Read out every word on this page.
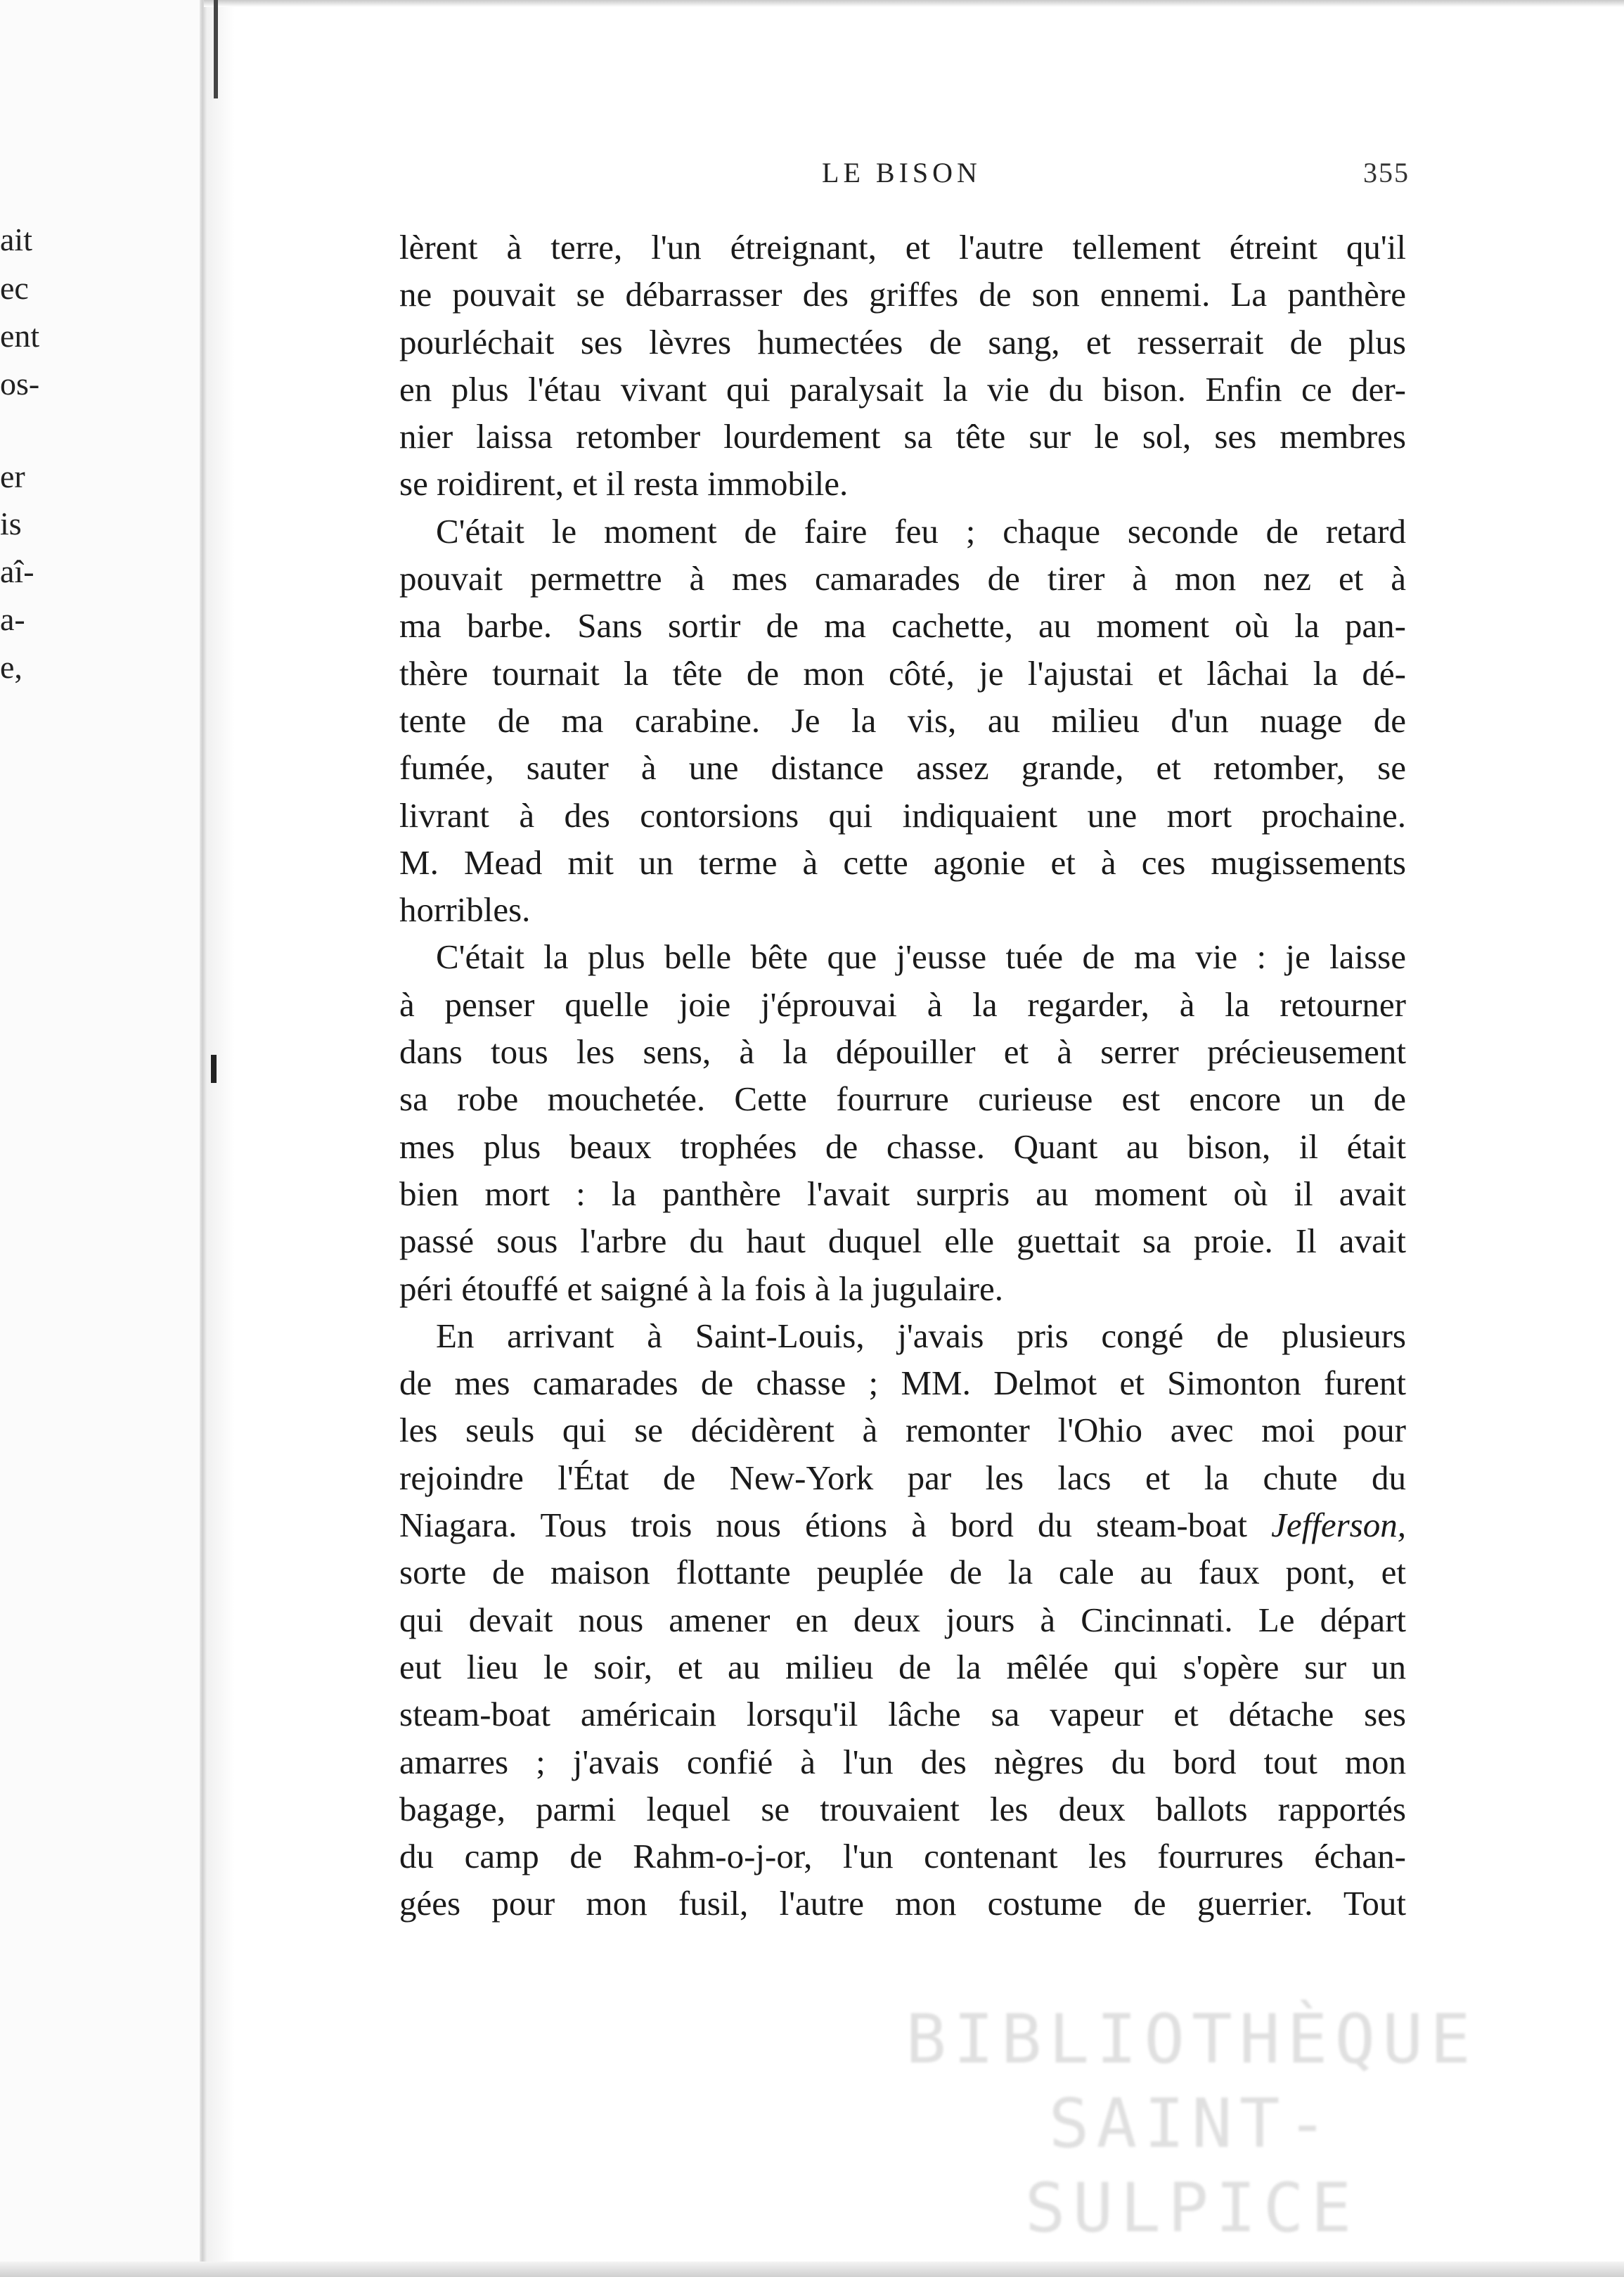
ait
ec
ent
os-
er
is
aî-
a-
e,
LE BISON	355
lèrent à terre, l'un étreignant, et l'autre tellement étreint qu'il
ne pouvait se débarrasser des griffes de son ennemi. La panthère
pourléchait ses lèvres humectées de sang, et resserrait de plus
en plus l'étau vivant qui paralysait la vie du bison. Enfin ce der-
nier laissa retomber lourdement sa tête sur le sol, ses membres
se roidirent, et il resta immobile.
C'était le moment de faire feu ; chaque seconde de retard
pouvait permettre à mes camarades de tirer à mon nez et à
ma barbe. Sans sortir de ma cachette, au moment où la pan-
thère tournait la tête de mon côté, je l'ajustai et lâchai la dé-
tente de ma carabine. Je la vis, au milieu d'un nuage de
fumée, sauter à une distance assez grande, et retomber, se
livrant à des contorsions qui indiquaient une mort prochaine.
M. Mead mit un terme à cette agonie et à ces mugissements
horribles.
C'était la plus belle bête que j'eusse tuée de ma vie : je laisse
à penser quelle joie j'éprouvai à la regarder, à la retourner
dans tous les sens, à la dépouiller et à serrer précieusement
sa robe mouchetée. Cette fourrure curieuse est encore un de
mes plus beaux trophées de chasse. Quant au bison, il était
bien mort : la panthère l'avait surpris au moment où il avait
passé sous l'arbre du haut duquel elle guettait sa proie. Il avait
péri étouffé et saigné à la fois à la jugulaire.
En arrivant à Saint-Louis, j'avais pris congé de plusieurs
de mes camarades de chasse ; MM. Delmot et Simonton furent
les seuls qui se décidèrent à remonter l'Ohio avec moi pour
rejoindre l'État de New-York par les lacs et la chute du
Niagara. Tous trois nous étions à bord du steam-boat Jefferson,
sorte de maison flottante peuplée de la cale au faux pont, et
qui devait nous amener en deux jours à Cincinnati. Le départ
eut lieu le soir, et au milieu de la mêlée qui s'opère sur un
steam-boat américain lorsqu'il lâche sa vapeur et détache ses
amarres ; j'avais confié à l'un des nègres du bord tout mon
bagage, parmi lequel se trouvaient les deux ballots rapportés
du camp de Rahm-o-j-or, l'un contenant les fourrures échan-
gées pour mon fusil, l'autre mon costume de guerrier. Tout
BIBLIOTHÈQUE
SAINT-SULPICE
